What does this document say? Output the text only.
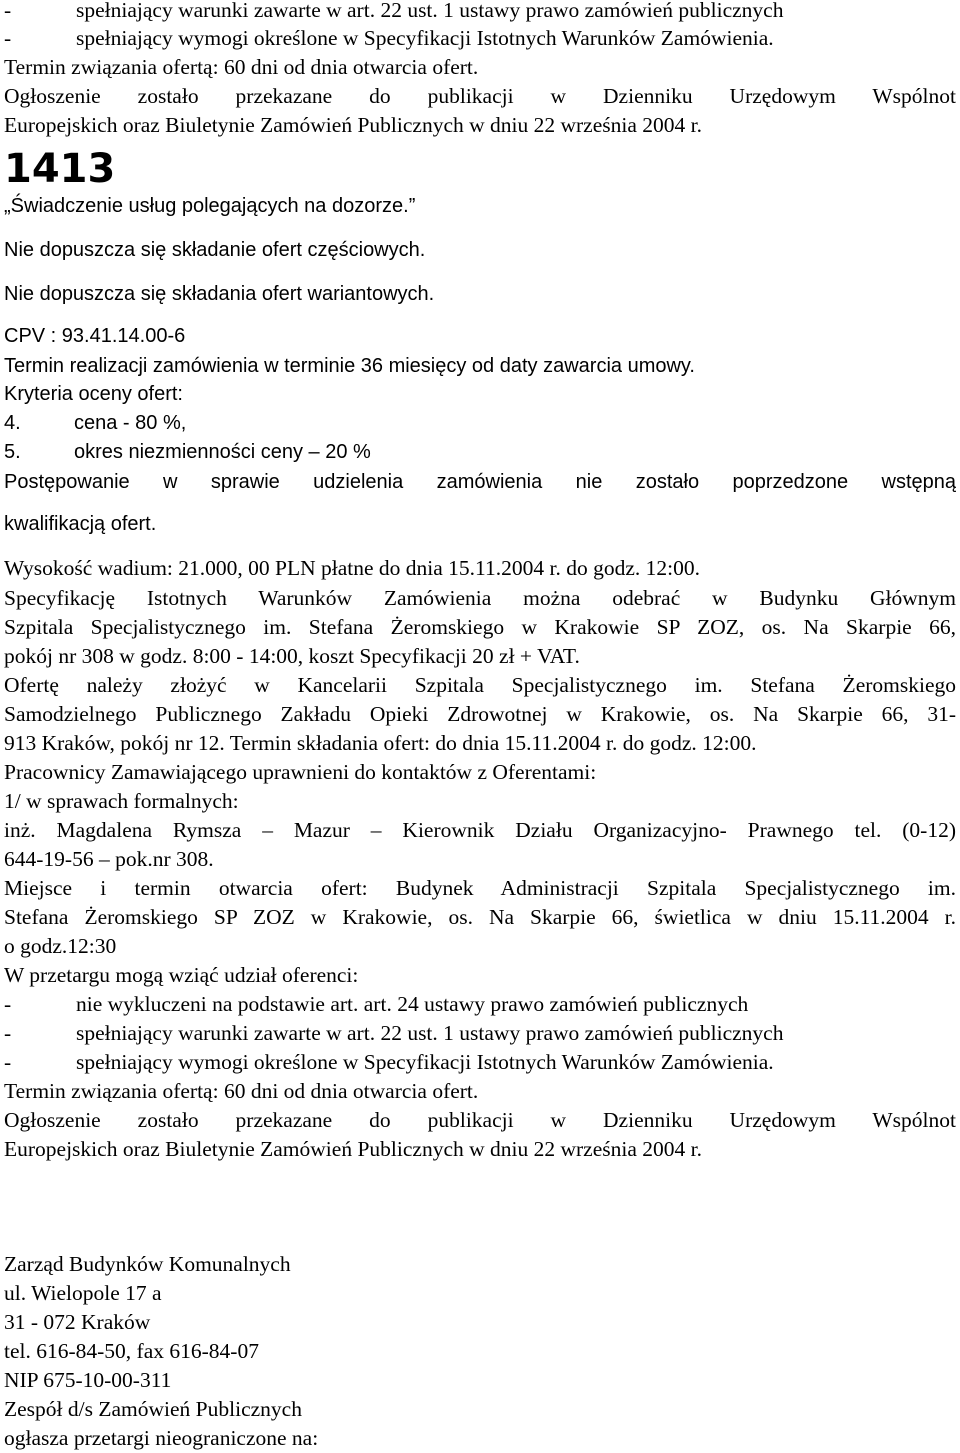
-	spełniający warunki zawarte w art. 22 ust. 1 ustawy prawo zamówień publicznych
-	spełniający wymogi określone w Specyfikacji Istotnych Warunków Zamówienia.
Termin związania ofertą: 60 dni od dnia otwarcia ofert.
Ogłoszenie zostało przekazane do publikacji w Dzienniku Urzędowym Wspólnot
Europejskich oraz Biuletynie Zamówień Publicznych w dniu 22 września 2004 r.
1413
„Świadczenie usług polegających na dozorze.”
Nie dopuszcza się składanie ofert częściowych.
Nie dopuszcza się składania ofert wariantowych.
CPV : 93.41.14.00-6
Termin realizacji zamówienia w terminie 36 miesięcy od daty zawarcia umowy.
Kryteria oceny ofert:
4.	cena - 80 %,
5.	okres niezmienności ceny – 20 %
Postępowanie w sprawie udzielenia zamówienia nie zostało poprzedzone wstępną
kwalifikacją ofert.
Wysokość wadium: 21.000, 00 PLN płatne do dnia 15.11.2004 r. do godz. 12:00.
Specyfikację Istotnych Warunków Zamówienia można odebrać w Budynku Głównym
Szpitala Specjalistycznego im. Stefana Żeromskiego w Krakowie SP ZOZ, os. Na Skarpie 66,
pokój nr 308 w godz. 8:00 - 14:00, koszt Specyfikacji 20 zł + VAT.
Ofertę należy złożyć w Kancelarii Szpitala Specjalistycznego im. Stefana Żeromskiego
Samodzielnego Publicznego Zakładu Opieki Zdrowotnej w Krakowie, os. Na Skarpie 66, 31-
913 Kraków, pokój nr 12. Termin składania ofert: do dnia 15.11.2004 r. do godz. 12:00.
Pracownicy Zamawiającego uprawnieni do kontaktów z Oferentami:
1/ w sprawach formalnych:
inż. Magdalena Rymsza – Mazur – Kierownik Działu Organizacyjno- Prawnego tel. (0-12)
644-19-56 – pok.nr 308.
Miejsce i termin otwarcia ofert: Budynek Administracji Szpitala Specjalistycznego im.
Stefana Żeromskiego SP ZOZ w Krakowie, os. Na Skarpie 66, świetlica w dniu 15.11.2004 r.
o godz.12:30
W przetargu mogą wziąć udział oferenci:
-	nie wykluczeni na podstawie art. art. 24 ustawy prawo zamówień publicznych
-	spełniający warunki zawarte w art. 22 ust. 1 ustawy prawo zamówień publicznych
-	spełniający wymogi określone w Specyfikacji Istotnych Warunków Zamówienia.
Termin związania ofertą: 60 dni od dnia otwarcia ofert.
Ogłoszenie zostało przekazane do publikacji w Dzienniku Urzędowym Wspólnot
Europejskich oraz Biuletynie Zamówień Publicznych w dniu 22 września 2004 r.
Zarząd Budynków Komunalnych
ul. Wielopole 17 a
31 - 072 Kraków
tel. 616-84-50, fax 616-84-07
NIP 675-10-00-311
Zespół d/s Zamówień Publicznych
ogłasza przetargi nieograniczone na:
